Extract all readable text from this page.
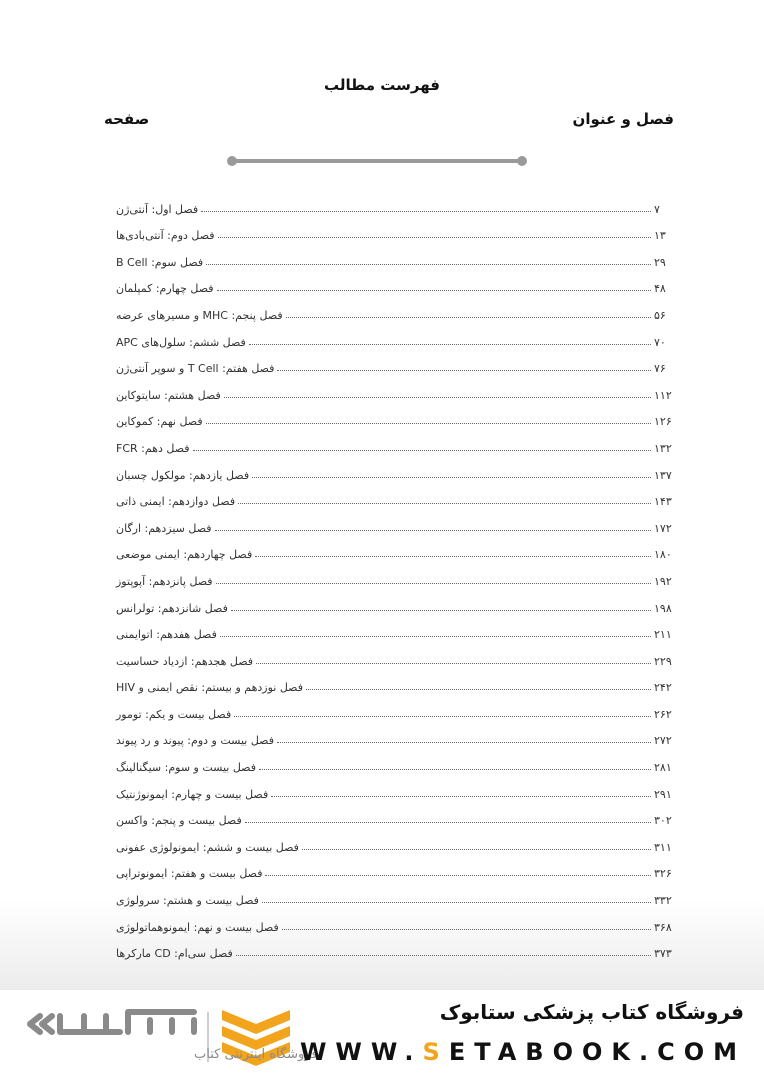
فهرست مطالب
فصل و عنوان
صفحه
فصل اول: آنتی‌ژن	۷
فصل دوم: آنتی‌بادی‌ها	۱۳
فصل سوم: B Cell	۲۹
فصل چهارم: کمپلمان	۴۸
فصل پنجم: MHC و مسیرهای عرضه	۵۶
فصل ششم: سلول‌های APC	۷۰
فصل هفتم: T Cell و سوپر آنتی‌ژن	۷۶
فصل هشتم: سایتوکاین	۱۱۲
فصل نهم: کموکاین	۱۲۶
فصل دهم: FCR	۱۳۲
فصل یازدهم: مولکول چسبان	۱۳۷
فصل دوازدهم: ایمنی ذاتی	۱۴۳
فصل سیزدهم: ارگان	۱۷۲
فصل چهاردهم: ایمنی موضعی	۱۸۰
فصل پانزدهم: آپوپتوز	۱۹۲
فصل شانزدهم: تولرانس	۱۹۸
فصل هفدهم: اتوایمنی	۲۱۱
فصل هجدهم: ازدیاد حساسیت	۲۲۹
فصل نوزدهم و بیستم: نقص ایمنی و HIV	۲۴۲
فصل بیست و یکم: تومور	۲۶۲
فصل بیست و دوم: پیوند و رد پیوند	۲۷۲
فصل بیست و سوم: سیگنالینگ	۲۸۱
فصل بیست و چهارم: ایمونوژنتیک	۲۹۱
فصل بیست و پنجم: واکسن	۳۰۲
فصل بیست و ششم: ایمونولوژی عفونی	۳۱۱
فصل بیست و هفتم: ایمونوتراپی	۳۲۶
فصل بیست و هشتم: سرولوژی	۳۳۲
فصل بیست و نهم: ایمونوهماتولوژی	۳۶۸
فصل سی‌ام: CD مارکرها	۳۷۳
فروشگاه اینترنتی کتاب
فروشگاه کتاب پزشکی ستابوک
WWW.SETABOOK.COM
